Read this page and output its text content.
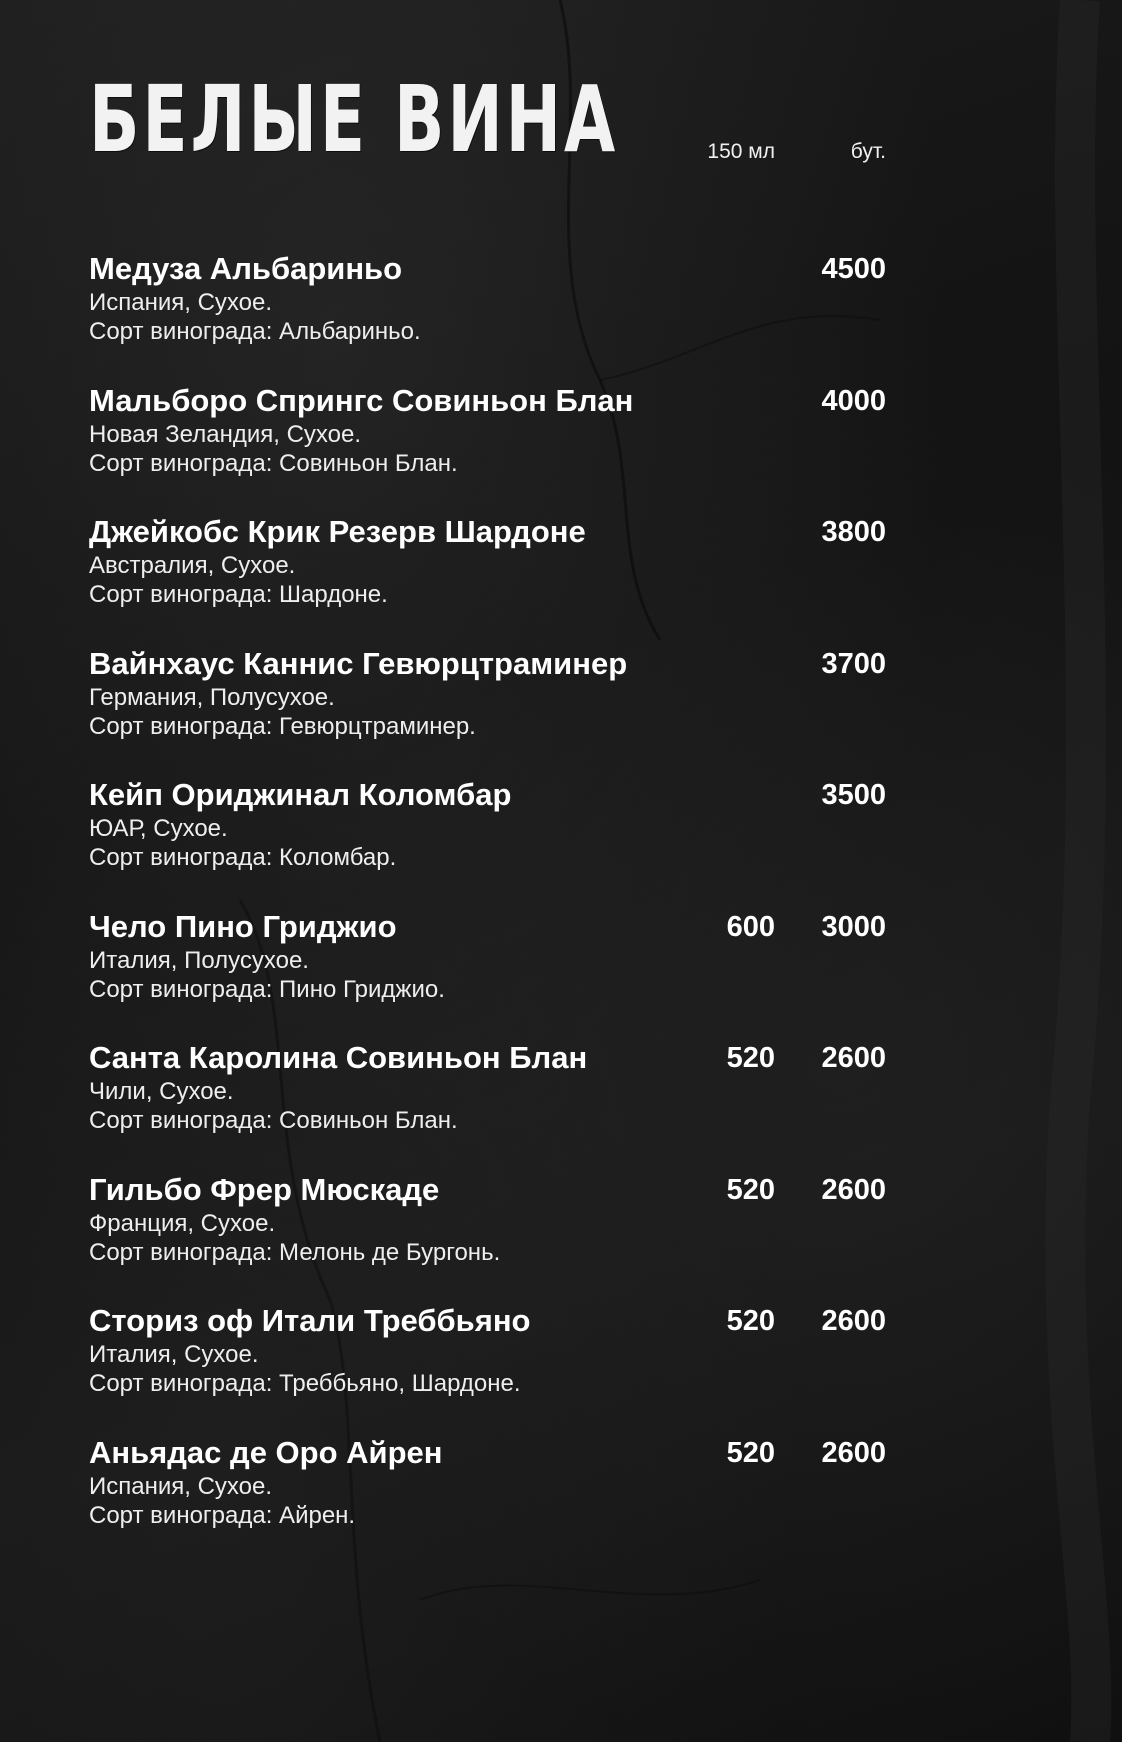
БЕЛЫЕ ВИНА	150 мл	бут.
Медуза Альбариньо
Испания, Сухое.
Сорт винограда: Альбариньо.
4500
Мальборо Спрингс Совиньон Блан
Новая Зеландия, Сухое.
Сорт винограда: Совиньон Блан.
4000
Джейкобс Крик Резерв Шардоне
Австралия, Сухое.
Сорт винограда: Шардоне.
3800
Вайнхаус Каннис Гевюрцтраминер
Германия, Полусухое.
Сорт винограда: Гевюрцтраминер.
3700
Кейп Ориджинал Коломбар
ЮАР, Сухое.
Сорт винограда: Коломбар.
3500
Чело Пино Гриджио
Италия, Полусухое.
Сорт винограда: Пино Гриджио.
600 3000
Санта Каролина Совиньон Блан
Чили, Сухое.
Сорт винограда: Совиньон Блан.
520 2600
Гильбо Фрер Мюскаде
Франция, Сухое.
Сорт винограда: Мелонь де Бургонь.
520 2600
Сториз оф Итали Треббьяно
Италия, Сухое.
Сорт винограда: Треббьяно, Шардоне.
520 2600
Аньядас де Оро Айрен
Испания, Сухое.
Сорт винограда: Айрен.
520 2600
